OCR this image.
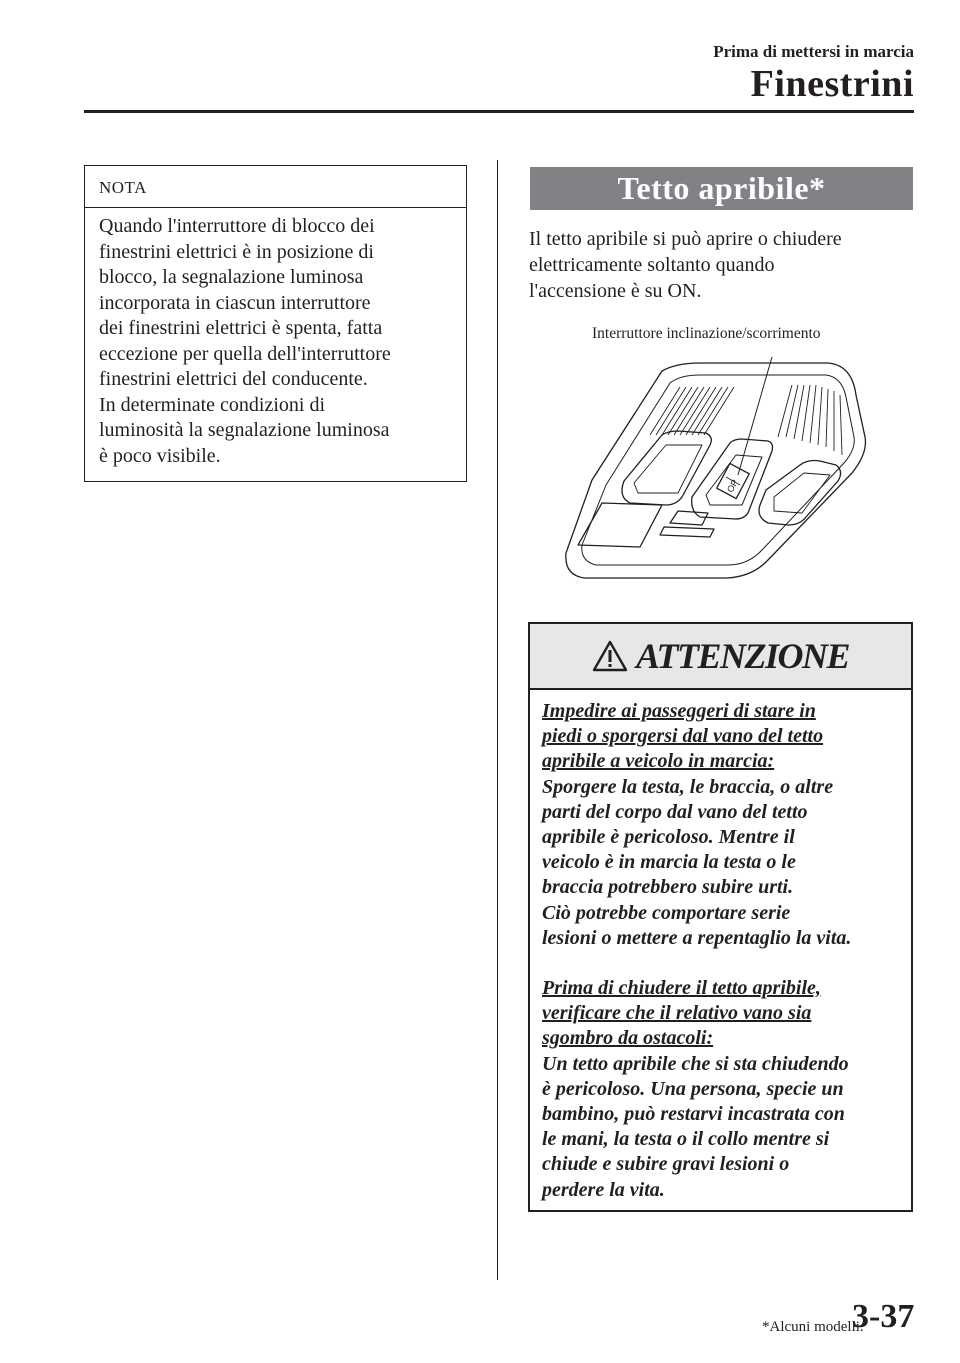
Prima di mettersi in marcia
Finestrini
NOTA

Quando l'interruttore di blocco dei

finestrini elettrici è in posizione di

blocco, la segnalazione luminosa

incorporata in ciascun interruttore

dei finestrini elettrici è spenta, fatta

eccezione per quella dell'interruttore

finestrini elettrici del conducente.

In determinate condizioni di

luminosità la segnalazione luminosa

è poco visibile.

Tetto apribile*

Il tetto apribile si può aprire o chiudere

elettricamente soltanto quando

l'accensione è su ON.

OP
Interruttore inclinazione/scorrimento
ATTENZIONE

Impedire ai passeggeri di stare in

piedi o sporgersi dal vano del tetto

apribile a veicolo in marcia:

Sporgere la testa, le braccia, o altre

parti del corpo dal vano del tetto

apribile è pericoloso. Mentre il

veicolo è in marcia la testa o le

braccia potrebbero subire urti.

Ciò potrebbe comportare serie

lesioni o mettere a repentaglio la vita.

Prima di chiudere il tetto apribile,

verificare che il relativo vano sia

sgombro da ostacoli:

Un tetto apribile che si sta chiudendo

è pericoloso. Una persona, specie un

bambino, può restarvi incastrata con

le mani, la testa o il collo mentre si

chiude e subire gravi lesioni o

perdere la vita.

*Alcuni modelli.
3-37
